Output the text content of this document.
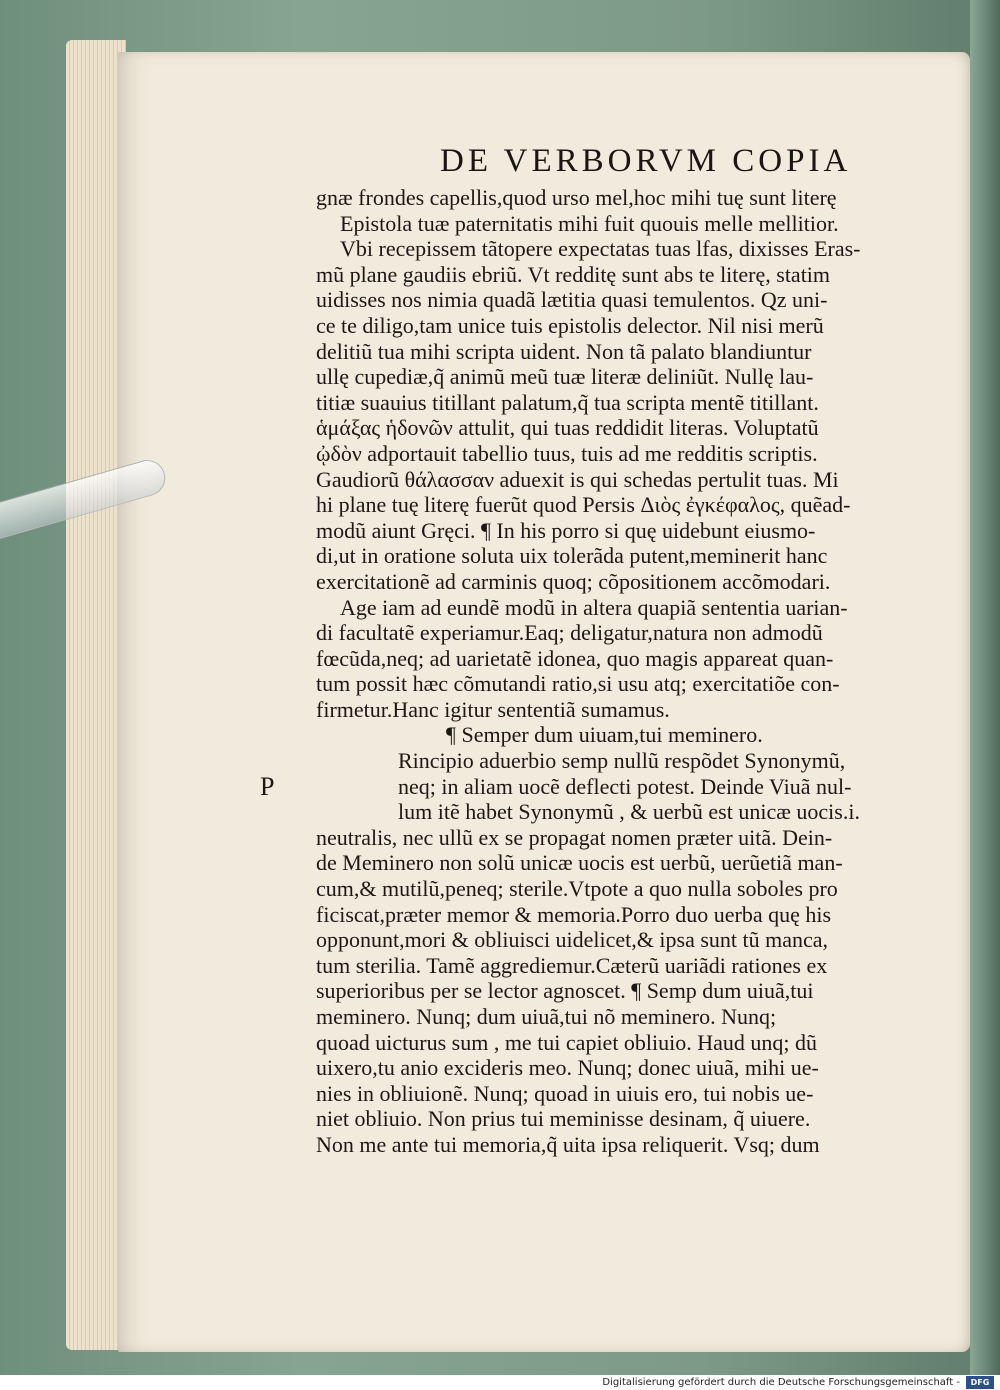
DE VERBORVM COPIA
gnæ frondes capellis,quod urso mel,hoc mihi tuę sunt literę
Epistola tuæ paternitatis mihi fuit quouis melle mellitior.
Vbi recepissem tãtopere expectatas tuas lfas, dixisses Eras-
mũ plane gaudiis ebriũ. Vt redditę sunt abs te literę, statim
uidisses nos nimia quadã lætitia quasi temulentos. Qz uni-
ce te diligo,tam unice tuis epistolis delector. Nil nisi merũ
delitiũ tua mihi scripta uident. Non tã palato blandiuntur
ullę cupediæ,q̃ animũ meũ tuæ literæ deliniũt. Nullę lau-
titiæ suauius titillant palatum,q̃ tua scripta mentẽ titillant.
ἁμάξας ἡδονῶν attulit, qui tuas reddidit literas. Voluptatũ
ᾠδὸν adportauit tabellio tuus, tuis ad me redditis scriptis.
Gaudiorũ θάλασσαν aduexit is qui schedas pertulit tuas. Mi
hi plane tuę literę fuerũt quod Persis Διὸς ἐγκέφαλος, quẽad-
modũ aiunt Gręci. ¶ In his porro si quę uidebunt eiusmo-
di,ut in oratione soluta uix tolerãda putent,meminerit hanc
exercitationẽ ad carminis quoq; cõpositionem accõmodari.
Age iam ad eundẽ modũ in altera quapiã sententia uarian-
di facultatẽ experiamur.Eaq; deligatur,natura non admodũ
fœcũda,neq; ad uarietatẽ idonea, quo magis appareat quan-
tum possit hæc cõmutandi ratio,si usu atq; exercitatiõe con-
firmetur.Hanc igitur sententiã sumamus.
¶ Semper dum uiuam,tui meminero.
Rincipio aduerbio semp nullũ respõdet Synonymũ,
P	neq; in aliam uocẽ deflecti potest. Deinde Viuã nul-
lum itẽ habet Synonymũ , & uerbũ est unicæ uocis.i.
neutralis, nec ullũ ex se propagat nomen præter uitã. Dein-
de Meminero non solũ unicæ uocis est uerbũ, uerũetiã man-
cum,& mutilũ,peneq; sterile.Vtpote a quo nulla soboles pro
ficiscat,præter memor & memoria.Porro duo uerba quę his
opponunt,mori & obliuisci uidelicet,& ipsa sunt tũ manca,
tum sterilia. Tamẽ aggrediemur.Cæterũ uariãdi rationes ex
superioribus per se lector agnoscet. ¶ Semp dum uiuã,tui
meminero. Nunq; dum uiuã,tui nõ meminero. Nunq;
quoad uicturus sum , me tui capiet obliuio. Haud unq; dũ
uixero,tu anio excideris meo. Nunq; donec uiuã, mihi ue-
nies in obliuionẽ. Nunq; quoad in uiuis ero, tui nobis ue-
niet obliuio. Non prius tui meminisse desinam, q̃ uiuere.
Non me ante tui memoria,q̃ uita ipsa reliquerit. Vsq; dum
Digitalisierung gefördert durch die Deutsche Forschungsgemeinschaft -	DFG
